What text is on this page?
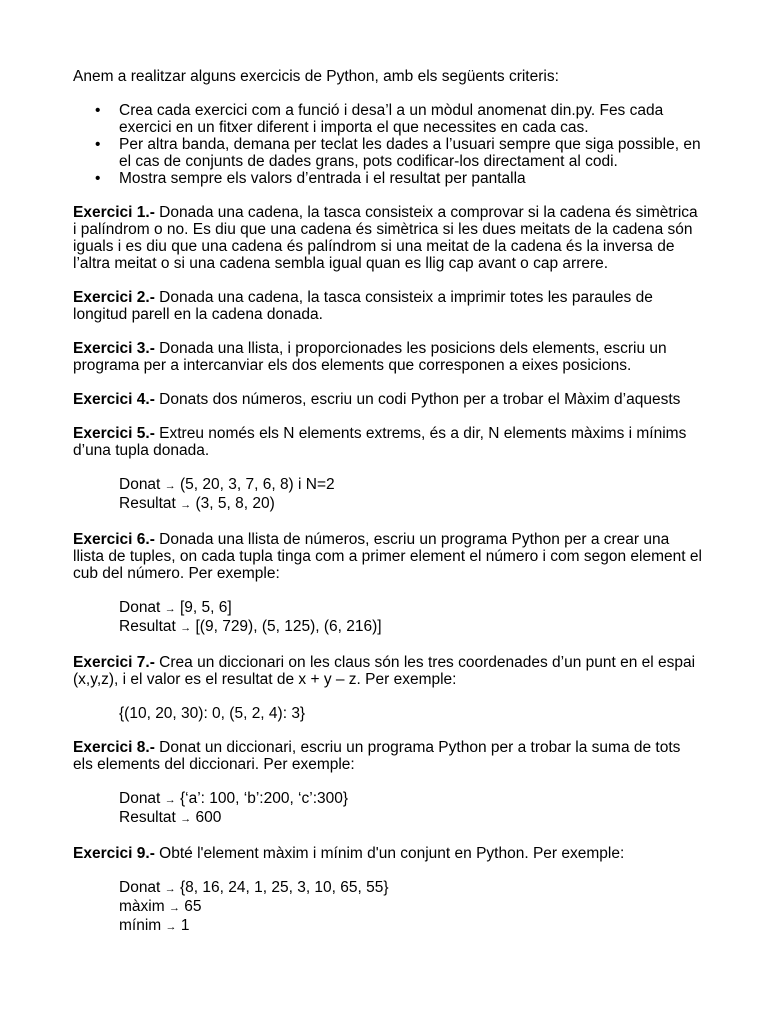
Anem a realitzar alguns exercicis de Python, amb els següents criteris:

• Crea cada exercici com a funció i desa’l a un mòdul anomenat din.py. Fes cada exercici en un fitxer diferent i importa el que necessites en cada cas.
• Per altra banda, demana per teclat les dades a l’usuari sempre que siga possible, en el cas de conjunts de dades grans, pots codificar-los directament al codi.
• Mostra sempre els valors d’entrada i el resultat per pantalla

Exercici 1.- Donada una cadena, la tasca consisteix a comprovar si la cadena és simètrica i palíndrom o no. Es diu que una cadena és simètrica si les dues meitats de la cadena són iguals i es diu que una cadena és palíndrom si una meitat de la cadena és la inversa de l’altra meitat o si una cadena sembla igual quan es llig cap avant o cap arrere.

Exercici 2.- Donada una cadena, la tasca consisteix a imprimir totes les paraules de longitud parell en la cadena donada.

Exercici 3.- Donada una llista, i proporcionades les posicions dels elements, escriu un programa per a intercanviar els dos elements que corresponen a eixes posicions.

Exercici 4.- Donats dos números, escriu un codi Python per a trobar el Màxim d’aquests

Exercici 5.- Extreu només els N elements extrems, és a dir, N elements màxims i mínims d’una tupla donada.

Donat → (5, 20, 3, 7, 6, 8) i N=2
Resultat → (3, 5, 8, 20)

Exercici 6.- Donada una llista de números, escriu un programa Python per a crear una llista de tuples, on cada tupla tinga com a primer element el número i com segon element el cub del número. Per exemple:

Donat → [9, 5, 6]
Resultat → [(9, 729), (5, 125), (6, 216)]

Exercici 7.- Crea un diccionari on les claus són les tres coordenades d’un punt en el espai (x,y,z), i el valor es el resultat de x + y – z. Per exemple:

{(10, 20, 30): 0, (5, 2, 4): 3}

Exercici 8.- Donat un diccionari, escriu un programa Python per a trobar la suma de tots els elements del diccionari. Per exemple:

Donat → {‘a’: 100, ‘b’:200, ‘c’:300}
Resultat → 600

Exercici 9.- Obté l'element màxim i mínim d'un conjunt en Python. Per exemple:

Donat → {8, 16, 24, 1, 25, 3, 10, 65, 55}
màxim → 65
mínim → 1
